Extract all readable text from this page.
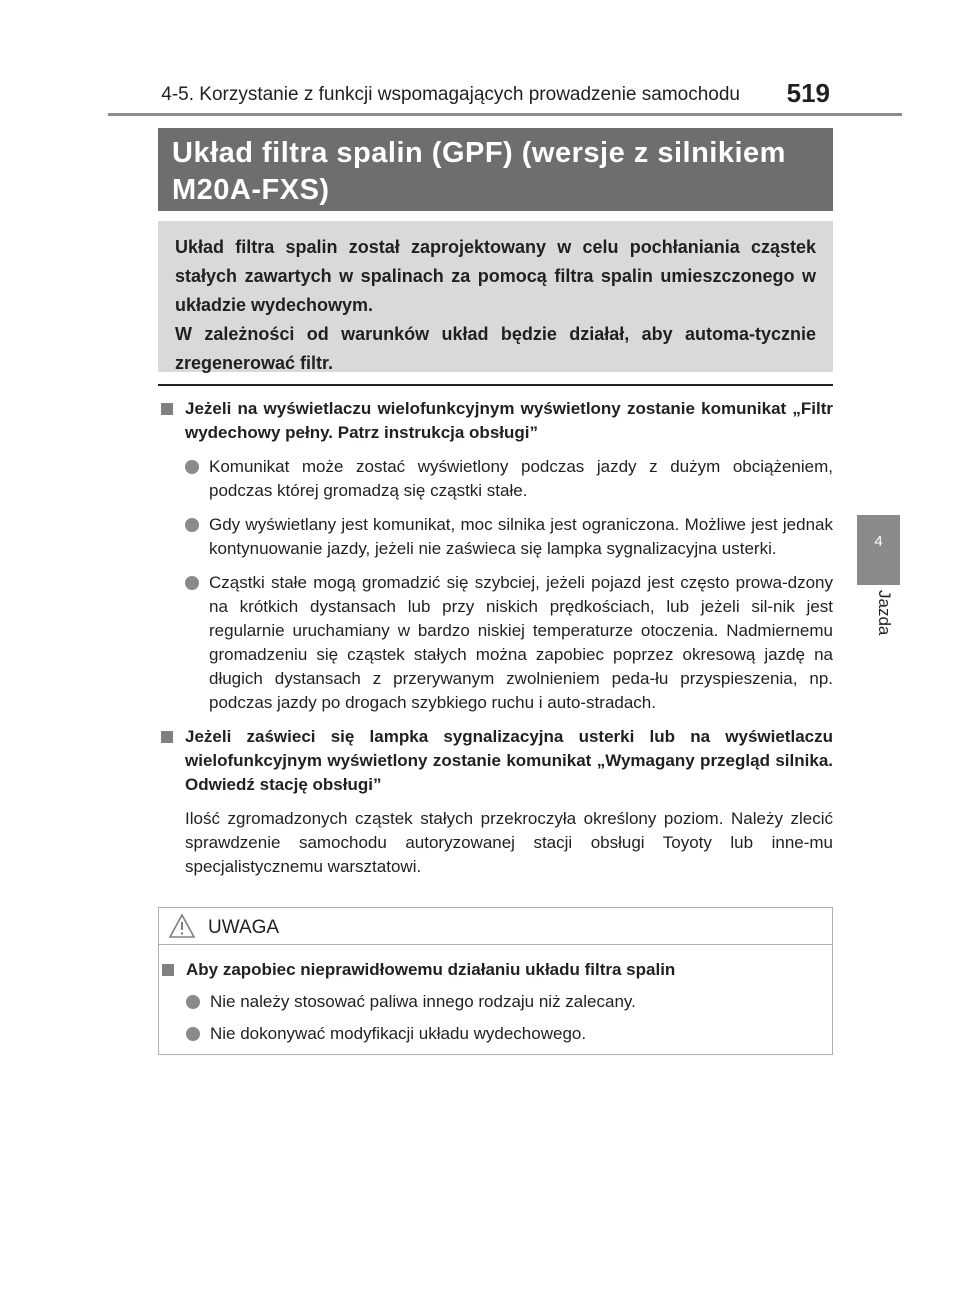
4-5. Korzystanie z funkcji wspomagających prowadzenie samochodu 519
4
Jazda
Układ filtra spalin (GPF) (wersje z silnikiem M20A-FXS)

Układ filtra spalin został zaprojektowany w celu pochłaniania cząstek stałych zawartych w spalinach za pomocą filtra spalin umieszczonego w układzie wydechowym.

W zależności od warunków układ będzie działał, aby automa-tycznie zregenerować filtr.

Jeżeli na wyświetlaczu wielofunkcyjnym wyświetlony zostanie komunikat „Filtr wydechowy pełny. Patrz instrukcja obsługi”
Komunikat może zostać wyświetlony podczas jazdy z dużym obciążeniem, podczas której gromadzą się cząstki stałe.
Gdy wyświetlany jest komunikat, moc silnika jest ograniczona. Możliwe jest jednak kontynuowanie jazdy, jeżeli nie zaświeca się lampka sygnalizacyjna usterki.
Cząstki stałe mogą gromadzić się szybciej, jeżeli pojazd jest często prowa-dzony na krótkich dystansach lub przy niskich prędkościach, lub jeżeli sil-nik jest regularnie uruchamiany w bardzo niskiej temperaturze otoczenia. Nadmiernemu gromadzeniu się cząstek stałych można zapobiec poprzez okresową jazdę na długich dystansach z przerywanym zwolnieniem peda-łu przyspieszenia, np. podczas jazdy po drogach szybkiego ruchu i auto-stradach.
Jeżeli zaświeci się lampka sygnalizacyjna usterki lub na wyświetlaczu wielofunkcyjnym wyświetlony zostanie komunikat „Wymagany przegląd silnika. Odwiedź stację obsługi”
Ilość zgromadzonych cząstek stałych przekroczyła określony poziom. Należy zlecić sprawdzenie samochodu autoryzowanej stacji obsługi Toyoty lub inne-mu specjalistycznemu warsztatowi.
UWAGA
Aby zapobiec nieprawidłowemu działaniu układu filtra spalin
Nie należy stosować paliwa innego rodzaju niż zalecany.
Nie dokonywać modyfikacji układu wydechowego.
